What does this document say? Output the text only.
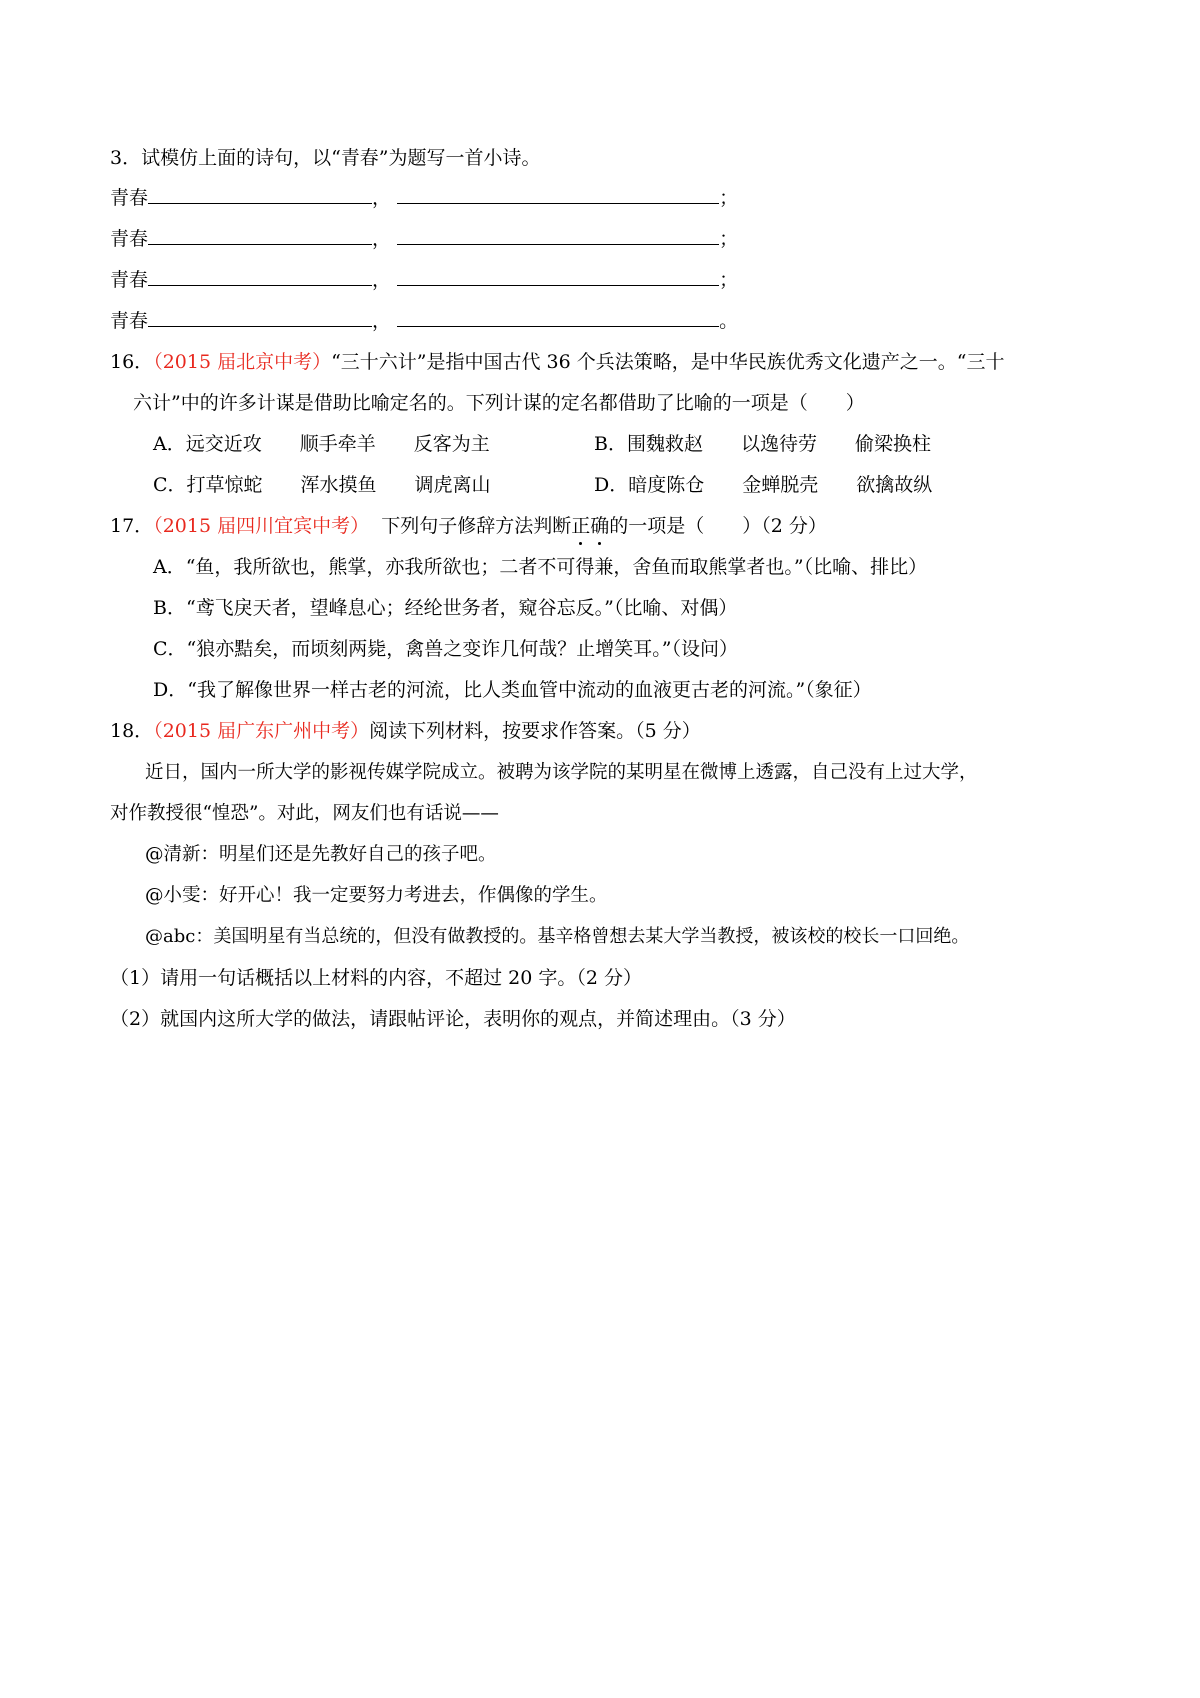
3．试模仿上面的诗句，以“青春”为题写一首小诗。
青春	，	；
青春	，	；
青春	，	；
青春	，	。
16．（2015 届北京中考）“三十六计”是指中国古代 36 个兵法策略，是中华民族优秀文化遗产之一。“三十
六计”中的许多计谋是借助比喻定名的。下列计谋的定名都借助了比喻的一项是（　　）
A．远交近攻　　顺手牵羊　　反客为主	B．围魏救赵　　以逸待劳　　偷梁换柱
C．打草惊蛇　　浑水摸鱼　　调虎离山	D．暗度陈仓　　金蝉脱壳　　欲擒故纵
17．（2015 届四川宜宾中考） 下列句子修辞方法判断正确的一项是（　　）（2 分）
A．“鱼，我所欲也，熊掌，亦我所欲也；二者不可得兼，舍鱼而取熊掌者也。”（比喻、排比）
B．“鸢飞戾天者，望峰息心；经纶世务者，窥谷忘反。”（比喻、对偶）
C．“狼亦黠矣，而顷刻两毙，禽兽之变诈几何哉？止增笑耳。”（设问）
D．“我了解像世界一样古老的河流，比人类血管中流动的血液更古老的河流。”（象征）
18．（2015 届广东广州中考）阅读下列材料，按要求作答案。（5 分）
近日，国内一所大学的影视传媒学院成立。被聘为该学院的某明星在微博上透露，自己没有上过大学，
对作教授很“惶恐”。对此，网友们也有话说——
@清新：明星们还是先教好自己的孩子吧。
@小雯：好开心！我一定要努力考进去，作偶像的学生。
@abc：美国明星有当总统的，但没有做教授的。基辛格曾想去某大学当教授，被该校的校长一口回绝。
（1）请用一句话概括以上材料的内容，不超过 20 字。（2 分）
（2）就国内这所大学的做法，请跟帖评论，表明你的观点，并简述理由。（3 分）
